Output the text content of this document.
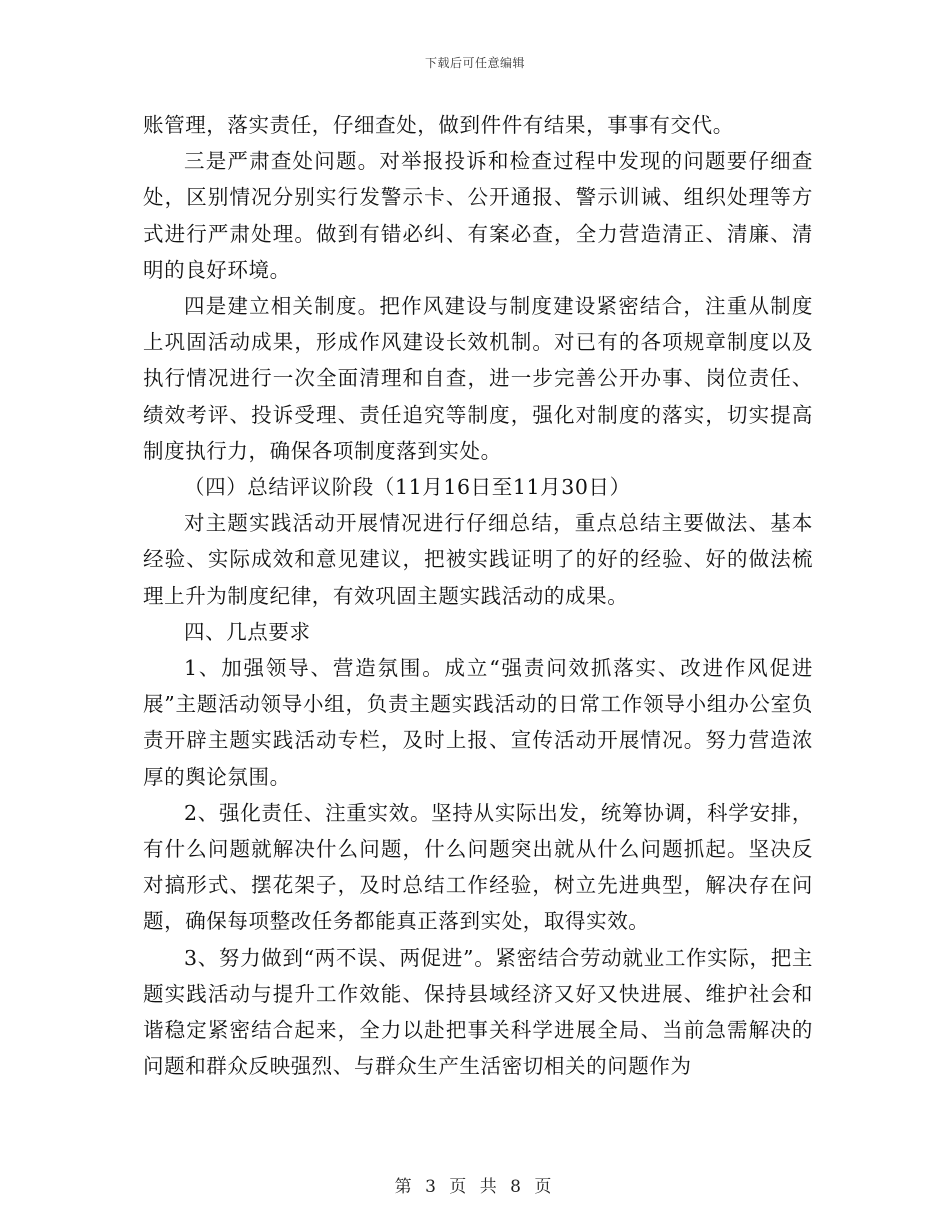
下载后可任意编辑

账管理，落实责任，仔细查处，做到件件有结果，事事有交代。

三是严肃查处问题。对举报投诉和检查过程中发现的问题要仔细查处，区别情况分别实行发警示卡、公开通报、警示训诫、组织处理等方式进行严肃处理。做到有错必纠、有案必查，全力营造清正、清廉、清明的良好环境。

四是建立相关制度。把作风建设与制度建设紧密结合，注重从制度上巩固活动成果，形成作风建设长效机制。对已有的各项规章制度以及执行情况进行一次全面清理和自查，进一步完善公开办事、岗位责任、绩效考评、投诉受理、责任追究等制度，强化对制度的落实，切实提高制度执行力，确保各项制度落到实处。

（四）总结评议阶段（11月16日至11月30日）

对主题实践活动开展情况进行仔细总结，重点总结主要做法、基本经验、实际成效和意见建议，把被实践证明了的好的经验、好的做法梳理上升为制度纪律，有效巩固主题实践活动的成果。

四、几点要求

1、加强领导、营造氛围。成立“强责问效抓落实、改进作风促进展”主题活动领导小组，负责主题实践活动的日常工作领导小组办公室负责开辟主题实践活动专栏，及时上报、宣传活动开展情况。努力营造浓厚的舆论氛围。

2、强化责任、注重实效。坚持从实际出发，统筹协调，科学安排，有什么问题就解决什么问题，什么问题突出就从什么问题抓起。坚决反对搞形式、摆花架子，及时总结工作经验，树立先进典型，解决存在问题，确保每项整改任务都能真正落到实处，取得实效。

3、努力做到“两不误、两促进”。紧密结合劳动就业工作实际，把主题实践活动与提升工作效能、保持县域经济又好又快进展、维护社会和谐稳定紧密结合起来，全力以赴把事关科学进展全局、当前急需解决的问题和群众反映强烈、与群众生产生活密切相关的问题作为

第 3 页 共 8 页
